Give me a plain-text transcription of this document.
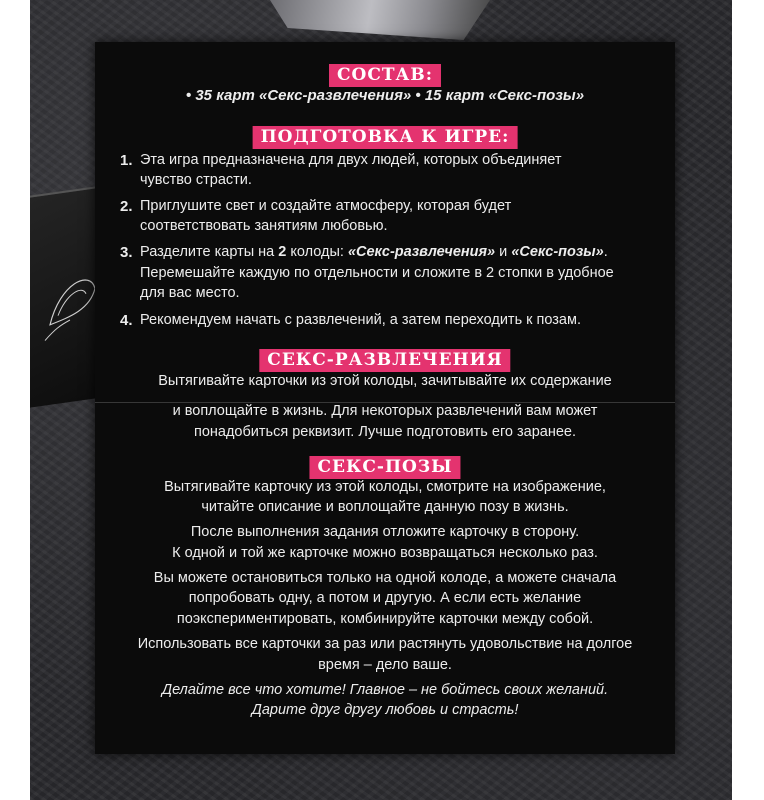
СОСТАВ:
• 35 карт «Секс-развлечения» • 15 карт «Секс-позы»
ПОДГОТОВКА К ИГРЕ:
1. Эта игра предназначена для двух людей, которых объединяет
чувство страсти.
2. Приглушите свет и создайте атмосферу, которая будет
соответствовать занятиям любовью.
3. Разделите карты на 2 колоды: «Секс-развлечения» и «Секс-позы».
Перемешайте каждую по отдельности и сложите в 2 стопки в удобное
для вас место.
4. Рекомендуем начать с развлечений, а затем переходить к позам.
СЕКС-РАЗВЛЕЧЕНИЯ
Вытягивайте карточки из этой колоды, зачитывайте их содержание
и воплощайте в жизнь. Для некоторых развлечений вам может
понадобиться реквизит. Лучше подготовить его заранее.
СЕКС-ПОЗЫ
Вытягивайте карточку из этой колоды, смотрите на изображение,
читайте описание и воплощайте данную позу в жизнь.
После выполнения задания отложите карточку в сторону.
К одной и той же карточке можно возвращаться несколько раз.
Вы можете остановиться только на одной колоде, а можете сначала
попробовать одну, а потом и другую. А если есть желание
поэкспериментировать, комбинируйте карточки между собой.
Использовать все карточки за раз или растянуть удовольствие на долгое
время – дело ваше.
Делайте все что хотите! Главное – не бойтесь своих желаний.
Дарите друг другу любовь и страсть!
